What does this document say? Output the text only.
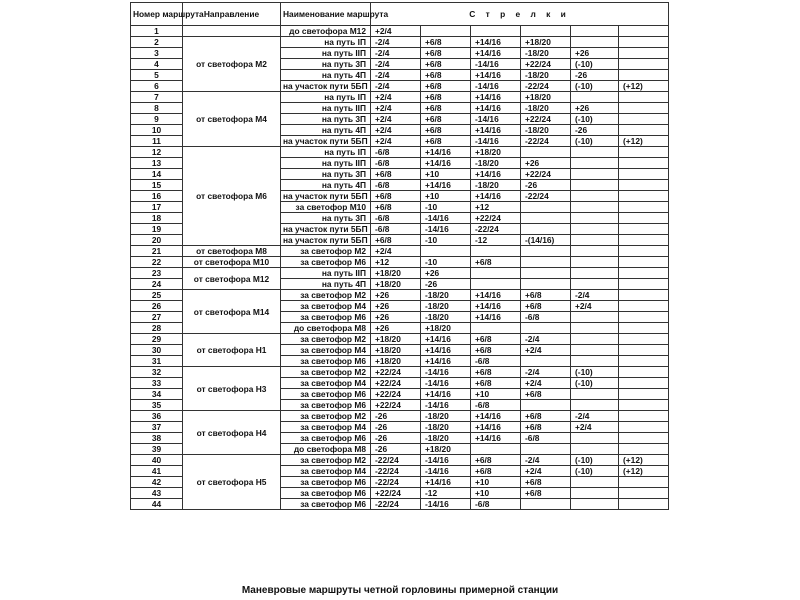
Номер маршрута	Направление	Наименование маршрута	С т р е л к и					
1		до светофора М12	+2/4					
2	от светофора М2	на путь IП	-2/4	+6/8	+14/16	+18/20		
3		на путь IIП	-2/4	+6/8	+14/16	-18/20	+26	
4		на путь 3П	-2/4	+6/8	-14/16	+22/24	(-10)	
5		на путь 4П	-2/4	+6/8	+14/16	-18/20	-26	
6		на участок пути 5БП	-2/4	+6/8	-14/16	-22/24	(-10)	(+12)
7	от светофора М4	на путь IП	+2/4	+6/8	+14/16	+18/20		
8		на путь IIП	+2/4	+6/8	+14/16	-18/20	+26	
9		на путь 3П	+2/4	+6/8	-14/16	+22/24	(-10)	
10		на путь 4П	+2/4	+6/8	+14/16	-18/20	-26	
11		на участок пути 5БП	+2/4	+6/8	-14/16	-22/24	(-10)	(+12)
12	от светофора М6	на путь IП	-6/8	+14/16	+18/20			
13		на путь IIП	-6/8	+14/16	-18/20	+26		
14		на путь 3П	+6/8	+10	+14/16	+22/24		
15		на путь 4П	-6/8	+14/16	-18/20	-26		
16		на участок пути 5БП	+6/8	+10	+14/16	-22/24		
17		за светофор М10	+6/8	-10	+12			
18		на путь 3П	-6/8	-14/16	+22/24			
19		на участок пути 5БП	-6/8	-14/16	-22/24			
20		на участок пути 5БП	+6/8	-10	-12	-(14/16)		
21	от светофора М8	за светофор М2	+2/4					
22	от светофора М10	за светофор М6	+12	-10	+6/8			
23	от светофора М12	на путь IIП	+18/20	+26				
24		на путь 4П	+18/20	-26				
25	от светофора М14	за светофор М2	+26	-18/20	+14/16	+6/8	-2/4	
26		за светофор М4	+26	-18/20	+14/16	+6/8	+2/4	
27		за светофор М6	+26	-18/20	+14/16	-6/8		
28		до светофора М8	+26	+18/20				
29	от светофора Н1	за светофор М2	+18/20	+14/16	+6/8	-2/4		
30		за светофор М4	+18/20	+14/16	+6/8	+2/4		
31		за светофор М6	+18/20	+14/16	-6/8			
32	от светофора Н3	за светофор М2	+22/24	-14/16	+6/8	-2/4	(-10)	
33		за светофор М4	+22/24	-14/16	+6/8	+2/4	(-10)	
34		за светофор М6	+22/24	+14/16	+10	+6/8		
35		за светофор М6	+22/24	-14/16	-6/8			
36	от светофора Н4	за светофор М2	-26	-18/20	+14/16	+6/8	-2/4	
37		за светофор М4	-26	-18/20	+14/16	+6/8	+2/4	
38		за светофор М6	-26	-18/20	+14/16	-6/8		
39		до светофора М8	-26	+18/20				
40	от светофора Н5	за светофор М2	-22/24	-14/16	+6/8	-2/4	(-10)	(+12)
41		за светофор М4	-22/24	-14/16	+6/8	+2/4	(-10)	(+12)
42		за светофор М6	-22/24	+14/16	+10	+6/8		
43		за светофор М6	+22/24	-12	+10	+6/8		
44		за светофор М6	-22/24	-14/16	-6/8			
Маневровые маршруты четной горловины примерной станции
